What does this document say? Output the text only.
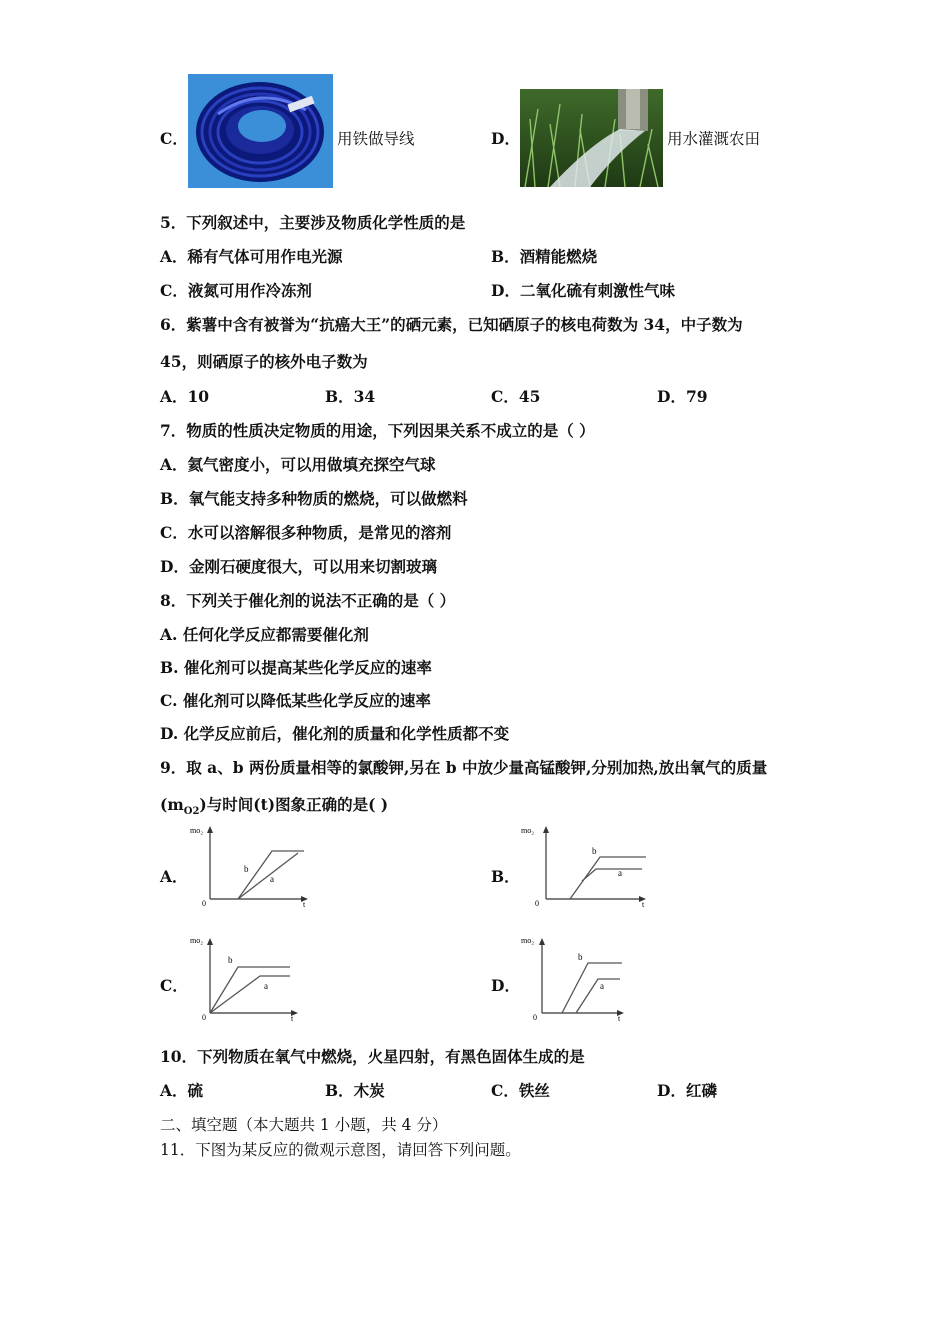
C．	用铁做导线	D．	用水灌溉农田
5．下列叙述中，主要涉及物质化学性质的是
A．稀有气体可用作电光源	B．酒精能燃烧
C．液氮可用作冷冻剂	D．二氧化硫有刺激性气味
6．紫薯中含有被誉为“抗癌大王”的硒元素，已知硒原子的核电荷数为 34，中子数为
45，则硒原子的核外电子数为
A．10	B．34	C．45	D．79
7．物质的性质决定物质的用途，下列因果关系不成立的是（ ）
A．氦气密度小，可以用做填充探空气球
B．氧气能支持多种物质的燃烧，可以做燃料
C．水可以溶解很多种物质，是常见的溶剂
D．金刚石硬度很大，可以用来切割玻璃
8．下列关于催化剂的说法不正确的是（ ）
A. 任何化学反应都需要催化剂
B. 催化剂可以提高某些化学反应的速率
C. 催化剂可以降低某些化学反应的速率
D. 化学反应前后，催化剂的质量和化学性质都不变
9．取 a、b 两份质量相等的氯酸钾,另在 b 中放少量高锰酸钾,分别加热,放出氧气的质量
$(m_{O2})$与时间(t)图象正确的是( )
A．	B．
C．	D．
mo₂
0	t
b
a
mo₂
0	t
b
a
mo₂
0	t
b
a
mo₂
0	t
b
a
10．下列物质在氧气中燃烧，火星四射，有黑色固体生成的是
A．硫	B．木炭	C．铁丝	D．红磷
二、填空题（本大题共 1 小题，共 4 分）
11．下图为某反应的微观示意图，请回答下列问题。
